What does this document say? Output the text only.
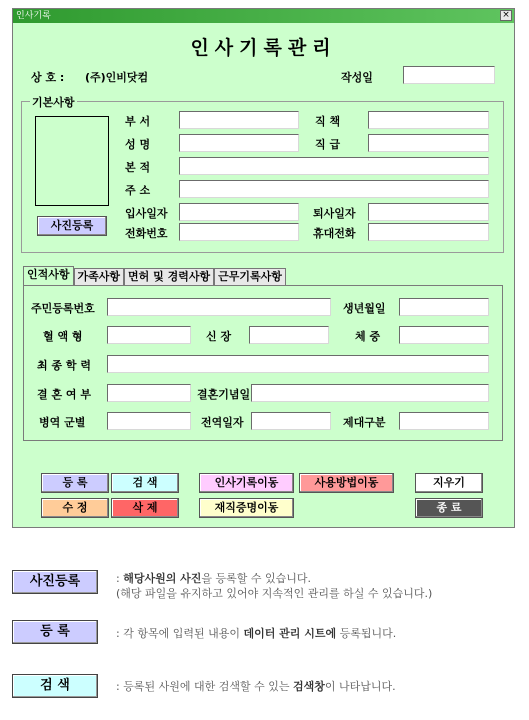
인사기록	×
인사기록관리
상 호 : (주)인비닷컴	작성일
기본사항
사진등록
부 서	직 책
성 명	직 급
본 적
주 소
입사일자	퇴사일자
전화번호	휴대전화
인적사항 가족사항 면허 및 경력사항 근무기록사항
주민등록번호	생년월일
혈 액 형	신 장	체 중
최 종 학 력
결 혼 여 부	결혼기념일
병역 군별	전역일자	제대구분
등 록	검 색	인사기록이동	사용방법이동	지우기
수 정	삭 제	재직증명이동	종 료
사진등록	: 해당사원의 사진을 등록할 수 있습니다.
(해당 파일을 유지하고 있어야 지속적인 관리를 하실 수 있습니다.)
등 록	: 각 항목에 입력된 내용이 데이터 관리 시트에 등록됩니다.
검 색	: 등록된 사원에 대한 검색할 수 있는 검색창이 나타납니다.
